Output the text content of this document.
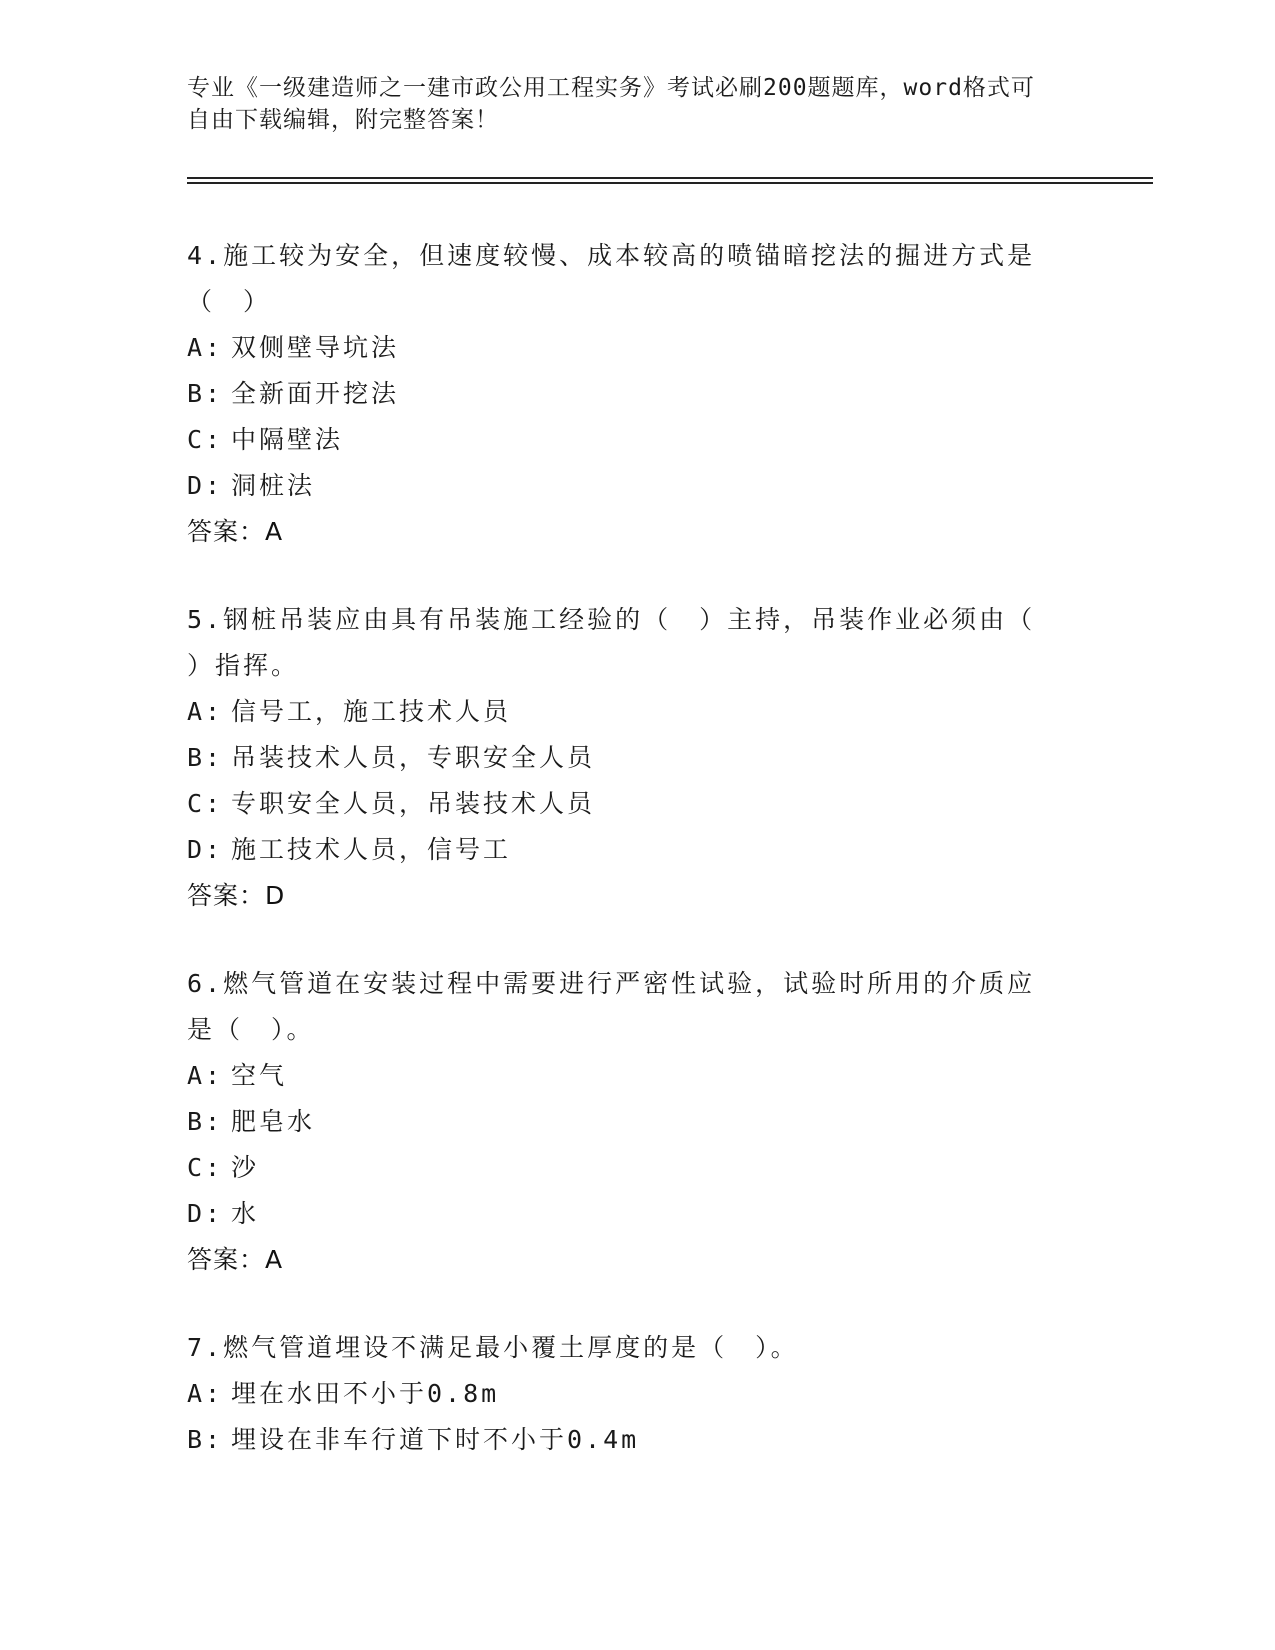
专业《一级建造师之一建市政公用工程实务》考试必刷200题题库，word格式可
自由下载编辑，附完整答案！
4.施工较为安全，但速度较慢、成本较高的喷锚暗挖法的掘进方式是
（　）
A: 双侧壁导坑法
B: 全新面开挖法
C: 中隔壁法
D: 洞桩法
答案：A
5.钢桩吊装应由具有吊装施工经验的（　）主持，吊装作业必须由（
）指挥。
A: 信号工，施工技术人员
B: 吊装技术人员，专职安全人员
C: 专职安全人员，吊装技术人员
D: 施工技术人员，信号工
答案：D
6.燃气管道在安装过程中需要进行严密性试验，试验时所用的介质应
是（　）。
A: 空气
B: 肥皂水
C: 沙
D: 水
答案：A
7.燃气管道埋设不满足最小覆土厚度的是（　）。
A: 埋在水田不小于0.8m
B: 埋设在非车行道下时不小于0.4m
